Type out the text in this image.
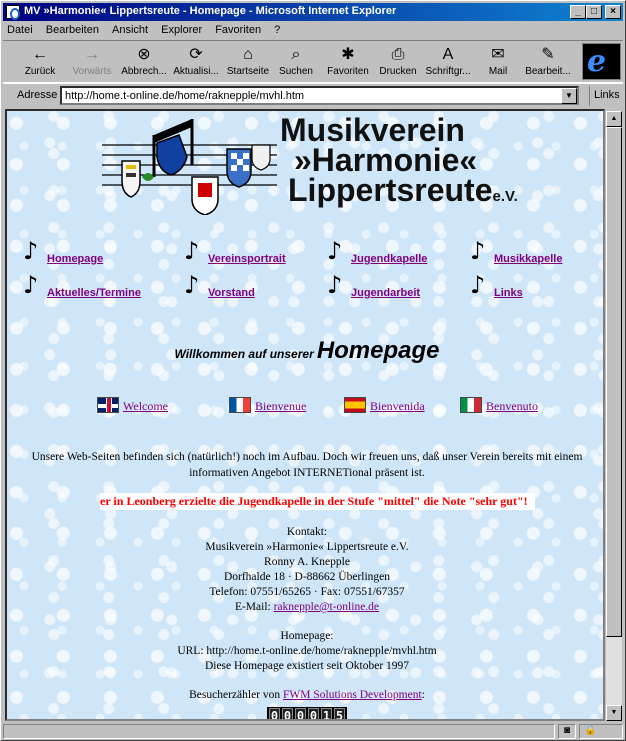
MV »Harmonie« Lippertsreute - Homepage - Microsoft Internet Explorer	_	□	×
Datei Bearbeiten Ansicht Explorer Favoriten ?
←
Zurück
→
Vorwärts
⊗
Abbrech...
⟳
Aktualisi...
⌂
Startseite
⌕
Suchen
✱
Favoriten
⎙
Drucken
A
Schriftgr...
✉
Mail
✎
Bearbeit... e
Adresse http://home.t-online.de/home/raknepple/mvhl.htm	▼	Links
Musikverein
»Harmonie«
Lippertsreutee.V.
♪ Homepage	♪ Vereinsportrait ♪ Jugendkapelle ♪ Musikkapelle
♪ Aktuelles/Termine ♪ Vorstand	♪ Jugendarbeit ♪ Links
Willkommen auf unserer Homepage
Welcome	Bienvenue	Bienvenida	Benvenuto
Unsere Web-Seiten befinden sich (natürlich!) noch im Aufbau. Doch wir freuen uns, daß unser Verein bereits mit einem informativen Angebot INTERNETional präsent ist.
er in Leonberg erzielte die Jugendkapelle in der Stufe "mittel" die Note "sehr gut"!
Kontakt:
Musikverein »Harmonie« Lippertsreute e.V.
Ronny A. Knepple
Dorfhalde 18 · D-88662 Überlingen
Telefon: 07551/65265 · Fax: 07551/67357
E-Mail: raknepple@t-online.de
Homepage:
URL: http://home.t-online.de/home/raknepple/mvhl.htm
Diese Homepage existiert seit Oktober 1997
Besucherzähler von FWM Solutions Development:
0 0 0 0 1 5
▲
▼
◙	🔒
